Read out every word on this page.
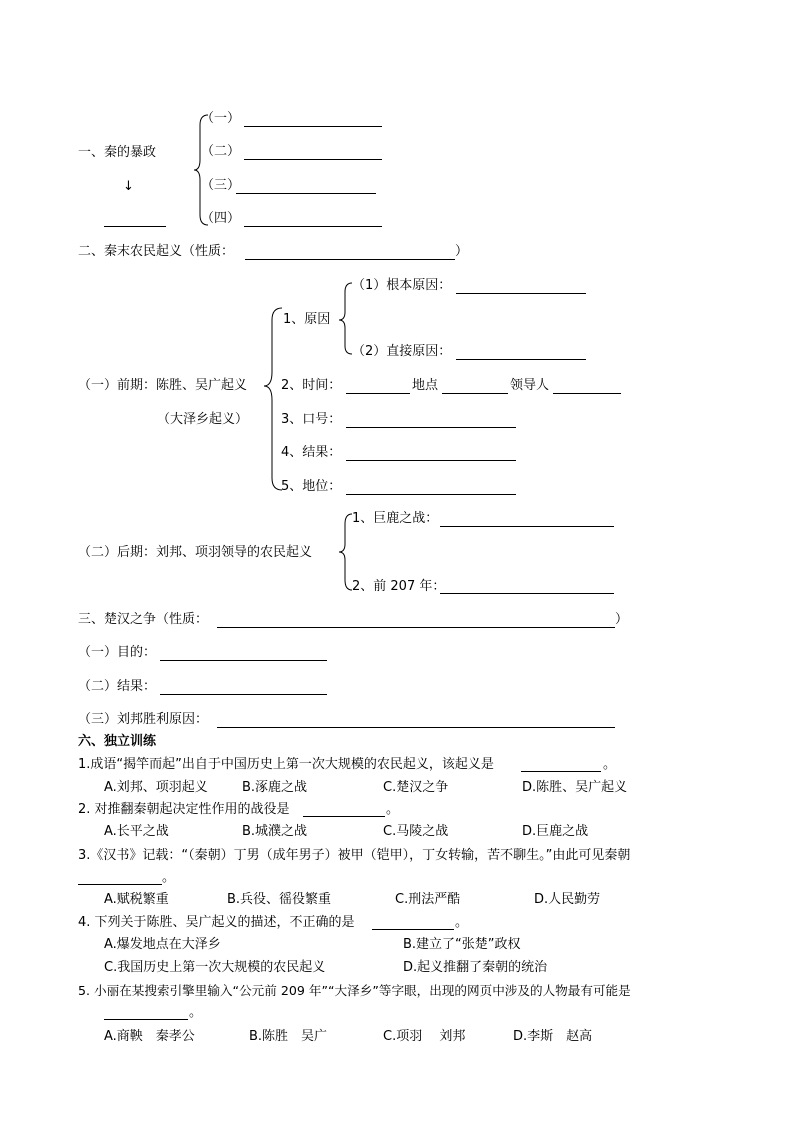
一、秦的暴政
↓
（一）
（二）
（三）
（四）
二、秦末农民起义（性质：	）
1、原因
（1）根本原因：
（2）直接原因：
（一）前期：陈胜、吴广起义
（大泽乡起义）
2、时间：	地点	领导人
3、口号：
4、结果：
5、地位：
1、巨鹿之战：
（二）后期：刘邦、项羽领导的农民起义
2、前 207 年：
三、楚汉之争（性质：	）
（一）目的：
（二）结果：
（三）刘邦胜利原因：
六、独立训练
1.成语“揭竿而起”出自于中国历史上第一次大规模的农民起义，该起义是	。
A.刘邦、项羽起义	B.涿鹿之战	C.楚汉之争	D.陈胜、吴广起义
2. 对推翻秦朝起决定性作用的战役是	。
A.长平之战	B.城濮之战	C.马陵之战	D.巨鹿之战
3.《汉书》记载：“（秦朝）丁男（成年男子）被甲（铠甲），丁女转输，苦不聊生。”由此可见秦朝
。
A.赋税繁重	B.兵役、徭役繁重	C.刑法严酷	D.人民勤劳
4. 下列关于陈胜、吴广起义的描述，不正确的是	。
A.爆发地点在大泽乡	B.建立了“张楚”政权
C.我国历史上第一次大规模的农民起义	D.起义推翻了秦朝的统治
5. 小丽在某搜索引擎里输入“公元前 209 年”“大泽乡”等字眼，出现的网页中涉及的人物最有可能是
。
A.商鞅　秦孝公	B.陈胜　吴广	C.项羽　 刘邦	D.李斯　赵高
